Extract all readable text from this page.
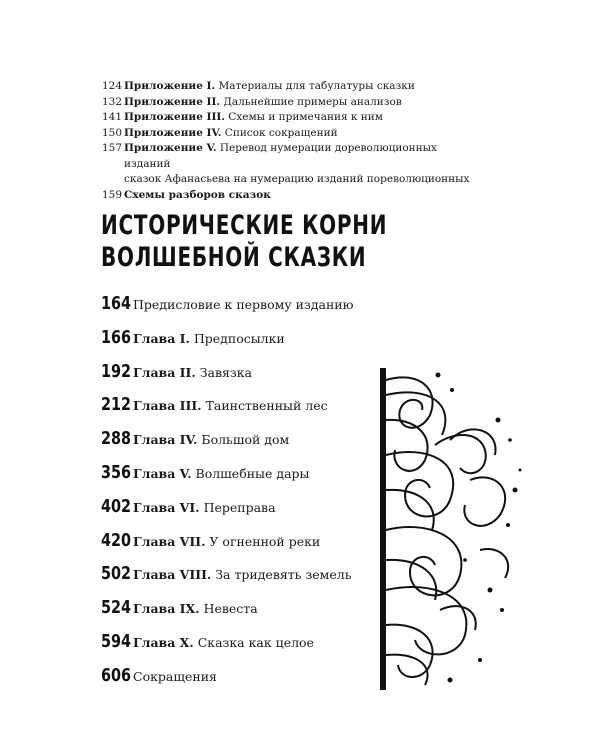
124 Приложение I. Материалы для табулатуры сказки
132 Приложение II. Дальнейшие примеры анализов
141 Приложение III. Схемы и примечания к ним
150 Приложение IV. Список сокращений
157 Приложение V. Перевод нумерации дореволюционных изданий
сказок Афанасьева на нумерацию изданий пореволюционных
159 Схемы разборов сказок
ИСТОРИЧЕСКИЕ КОРНИ
ВОЛШЕБНОЙ СКАЗКИ
164 Предисловие к первому изданию
166 Глава I. Предпосылки
192 Глава II. Завязка
212 Глава III. Таинственный лес
288 Глава IV. Большой дом
356 Глава V. Волшебные дары
402 Глава VI. Переправа
420 Глава VII. У огненной реки
502 Глава VIII. За тридевять земель
524 Глава IX. Невеста
594 Глава X. Сказка как целое
606 Сокращения
